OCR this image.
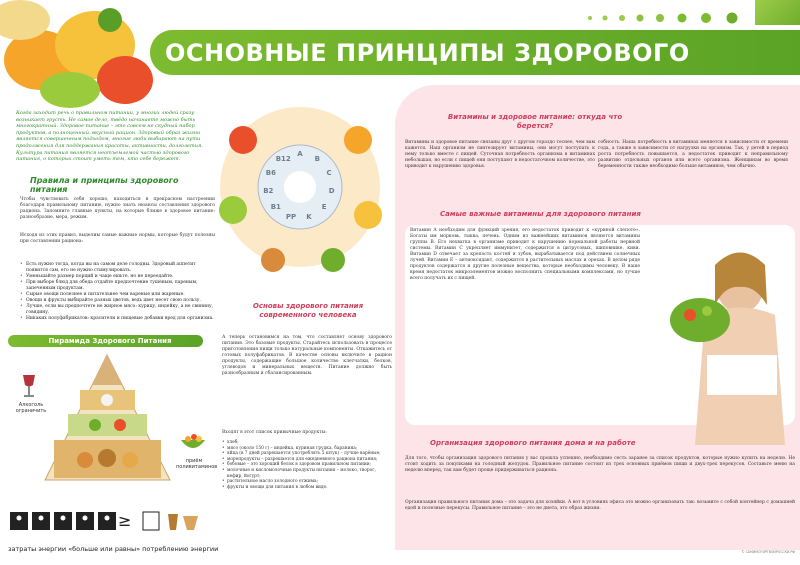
ОСНОВНЫЕ ПРИНЦИПЫ ЗДОРОВОГО ПИТАНИЯ
Когда заходит речь о правильном питании, у многих людей сразу возникает грусть. Не самое дело, твёдо начинаете можно быть многократный. Здоровое питание – это совсем не скудный набор продуктов, а полноценный, вкусный рацион. Здоровый образ жизни является совершенным подходом, многие люди выбирают на пути продолжения для поддержания красоты, активности, долголетия. Культура питания является неотъемлемой частью здорового питания, о которых стоит уметь тем, кто себе бережет.
Правила и принципы здорового питания
Чтобы чувствовать себя хорошо, находиться в прекрасном настроении благодаря правильному питанию, нужно знать нюансы составления здорового рациона. Запомните главные пункты, на которые ближе в здоровое питание: разнообразие, мера, режим.
Исходя из этих правил, выделим самые важные нормы, которые будут полезны при составлении рациона:
• Есть нужно тогда, когда вы на самом деле голодны. Здоровый аппетит появится сам, его не нужно стимулировать.
• Уменьшайте размер порций и чаще ешьте, но не переедайте.
• При выборе блюд для обеда отдайте предпочтение тушеным, пареным, запеченным продуктам.
• Сырые овощи полезнее и питательнее чем вареные или жареные.
• Овощи и фрукты выбирайте разных цветов, ведь цвет несет свою пользу.
• Лучше, если вы предпочтете не жирное мясо: курицу, индейку, а не свинину, говядину.
• Никаких полуфабрикатов: красители и пищевые добавки вред для организма.
Пирамида Здорового Питания
Алкоголь ограничить
приём поливитаминов
≥
затраты энергии «больше или равны» потреблению энергии
A
B
C
D
E
K
PP
B1
B2
B6
B12
Основы здорового питания современного человека
А теперь остановимся на том, что составляет основу здорового питания. Это базовые продукты. Старайтесь использовать в процессе приготовления пищи только натуральные компоненты. Откажитесь от готовых полуфабрикатов. В качестве основы включите в рацион продукты, содержащие большое количество клетчатки, белков, углеводов и минеральных веществ. Питание должно быть разнообразным и сбалансированным.
Входят в этот список привычные продукты:
• хлеб;
• мясо (около 150 г) – индейка, куриная грудка, баранина;
• яйца (в 7 дней разрешается употреблять 5 штук) – лучше варёные;
• морепродукты – разрешается для ежедневного рациона питания;
• бобовые – это хороший белок в здоровом правильном питании;
• молочные и кисломолочные продукты питания – молоко, творог, кефир, йогурт;
• растительное масло холодного отжима;
• фрукты и овощи для питания в любом виде.
Витамины и здоровое питание: откуда что берется?
Витамины и здоровое питание связаны друг с другом гораздо теснее, чем вам кажется. Наш организм не синтезирует витамины, они могут поступать к нему только вместе с пищей. Суточная потребность организма в витаминах небольшая, но если с пищей они поступают в недостаточном количестве, это приводит к нарушению здоровья.
собность. Наша потребность в витаминах меняется в зависимости от времени года, а также в зависимости от нагрузки на организм. Так, у детей в период роста потребность повышается, а недостаток приводит к неправильному развитию отдельных органов или всего организма. Женщинам во время беременности также необходимо больше витаминов, чем обычно.
Самые важные витамины для здорового питания
Витамин A необходим для функций зрения, его недостаток приводит к «куриной слепоте». Богаты им морковь, тыква, печень. Одним из важнейших витаминов являются витамины группы B. Его нехватка в организме приводит к нарушению нормальной работы нервной системы. Витамин C укрепляет иммунитет, содержится в цитрусовых, шиповнике, киви. Витамин D отвечает за крепость костей и зубов, вырабатывается под действием солнечных лучей. Витамин E – антиоксидант, содержится в растительных маслах и орехах. В целом ряде продуктов содержатся и другие полезные вещества, которые необходимы человеку. В наше время недостаток микроэлементов можно восполнить специальными комплексами, но лучше всего получать их с пищей.
Организация здорового питания дома и на работе
Для того, чтобы организация здорового питания у вас прошла успешно, необходимо сесть заранее за список продуктов, которые нужно купить на неделю. Не стоит ходить за покупками на голодный желудок. Правильное питание состоит из трех основных приёмов пищи и двух-трех перекусов. Составьте меню на неделю вперед, так вам будет проще придерживаться рациона.
Организация правильного питания дома – это задача для хозяйки. А вот в условиях офиса это можно организовать так: возьмите с собой контейнер с домашней едой и полезные перекусы. Правильное питание – это не диета, это образ жизни.
© САМИМОГИРТВОЙРОССКИ.РФ
